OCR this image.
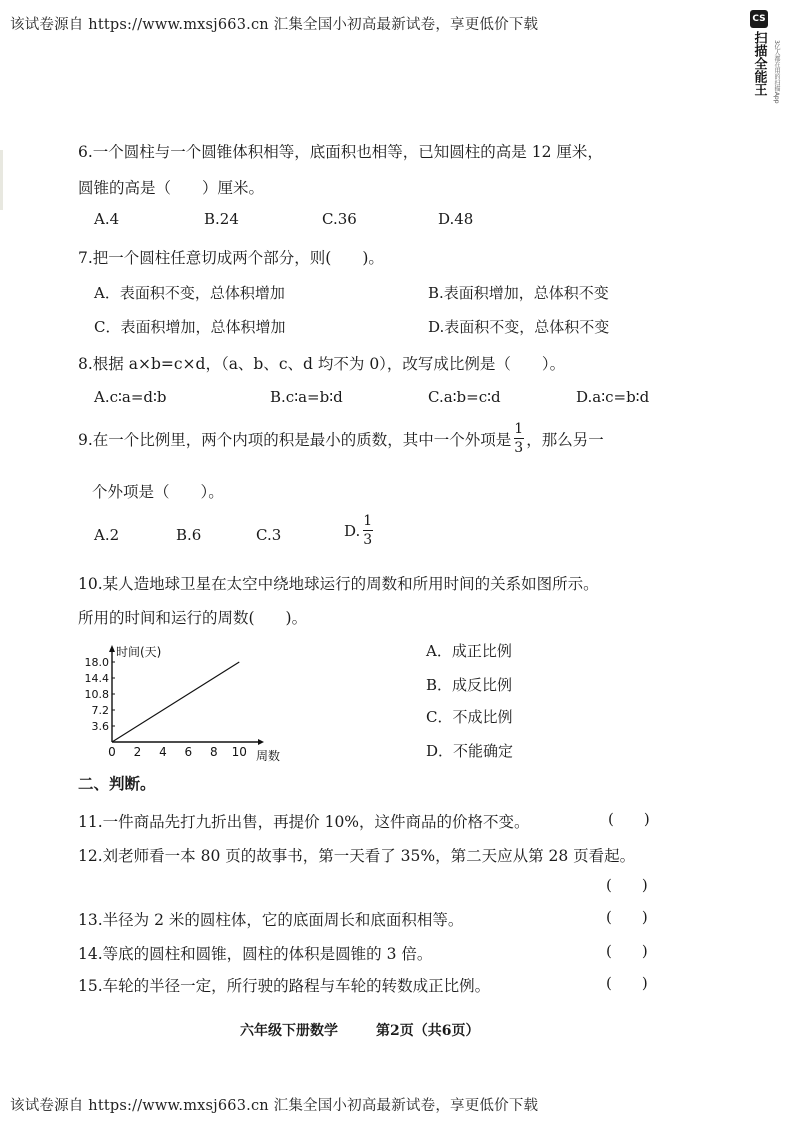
该试卷源自 https://www.mxsj663.cn 汇集全国小初高最新试卷，享更低价下载	CS
扫描全能王	3亿人都在用的扫描App
6.一个圆柱与一个圆锥体积相等，底面积也相等，已知圆柱的高是 12 厘米，
圆锥的高是（　　）厘米。
A.4	B.24	C.36	D.48
7.把一个圆柱任意切成两个部分，则(　　)。
A．表面积不变，总体积增加	B.表面积增加，总体积不变
C．表面积增加，总体积增加	D.表面积不变，总体积不变
8.根据 a×b=c×d，（a、b、c、d 均不为 0），改写成比例是（　　）。
A.c∶a=d∶b	B.c∶a=b∶d	C.a∶b=c∶d	D.a∶c=b∶d
9.在一个比例里，两个内项的积是最小的质数，其中一个外项是 $\frac{1}{3}$ ，那么另一
个外项是（　　）。
A.2	B.6	C.3	D. $\frac{1}{3}$
10.某人造地球卫星在太空中绕地球运行的周数和所用时间的关系如图所示。
所用的时间和运行的周数(　　)。
0 2 4 6 8 10
3.6
7.2
10.8
14.4
18.0
时间(天)
周数
A．成正比例
B．成反比例
C．不成比例
D．不能确定
二、判断。
11.一件商品先打九折出售，再提价 10%，这件商品的价格不变。	(　　)
12.刘老师看一本 80 页的故事书，第一天看了 35%，第二天应从第 28 页看起。
(　　)
13.半径为 2 米的圆柱体，它的底面周长和底面积相等。	(　　)
14.等底的圆柱和圆锥，圆柱的体积是圆锥的 3 倍。	(　　)
15.车轮的半径一定，所行驶的路程与车轮的转数成正比例。	(　　)
六年级下册数学	第2页（共6页）
该试卷源自 https://www.mxsj663.cn 汇集全国小初高最新试卷，享更低价下载
